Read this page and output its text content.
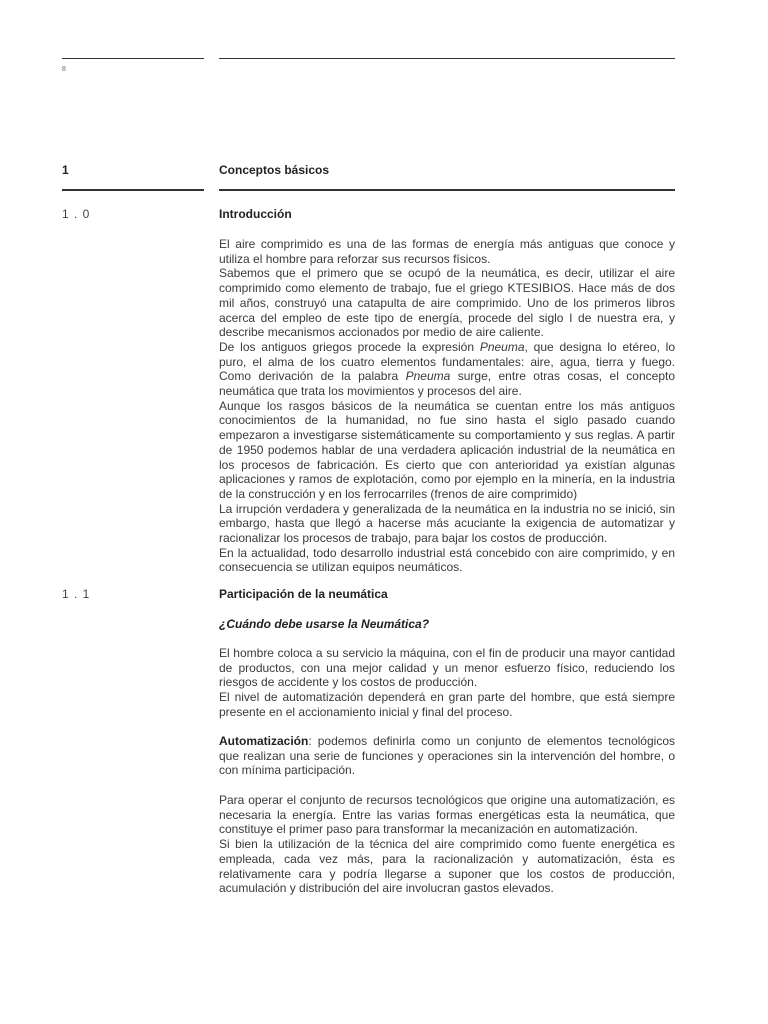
8
1	Conceptos básicos
1 . 0	Introducción

El aire comprimido es una de las formas de energía más antiguas que conoce y utiliza el hombre para reforzar sus recursos físicos.

Sabemos que el primero que se ocupó de la neumática, es decir, utilizar el aire comprimido como elemento de trabajo, fue el griego KTESIBIOS. Hace más de dos mil años, construyó una catapulta de aire comprimido. Uno de los primeros libros acerca del empleo de este tipo de energía, procede del siglo I de nuestra era, y describe mecanismos accionados por medio de aire caliente.

De los antiguos griegos procede la expresión Pneuma, que designa lo etéreo, lo puro, el alma de los cuatro elementos fundamentales: aire, agua, tierra y fuego. Como derivación de la palabra Pneuma surge, entre otras cosas, el concepto neumática que trata los movimientos y procesos del aire.

Aunque los rasgos básicos de la neumática se cuentan entre los más antiguos conocimientos de la humanidad, no fue sino hasta el siglo pasado cuando empezaron a investigarse sistemáticamente su comportamiento y sus reglas. A partir de 1950 podemos hablar de una verdadera aplicación industrial de la neumática en los procesos de fabricación. Es cierto que con anterioridad ya existían algunas aplicaciones y ramos de explotación, como por ejemplo en la minería, en la industria de la construcción y en los ferrocarriles (frenos de aire comprimido)

La irrupción verdadera y generalizada de la neumática en la industria no se inició, sin embargo, hasta que llegó a hacerse más acuciante la exigencia de automatizar y racionalizar los procesos de trabajo, para bajar los costos de producción.

En la actualidad, todo desarrollo industrial está concebido con aire comprimido, y en consecuencia se utilizan equipos neumáticos.

1 . 1	Participación de la neumática
¿Cuándo debe usarse la Neumática?

El hombre coloca a su servicio la máquina, con el fin de producir una mayor cantidad de productos, con una mejor calidad y un menor esfuerzo físico, reduciendo los riesgos de accidente y los costos de producción.

El nivel de automatización dependerá en gran parte del hombre, que está siempre presente en el accionamiento inicial y final del proceso.

Automatización: podemos definirla como un conjunto de elementos tecnológicos que realizan una serie de funciones y operaciones sin la intervención del hombre, o con mínima participación.

Para operar el conjunto de recursos tecnológicos que origine una automatización, es necesaria la energía. Entre las varias formas energéticas esta la neumática, que constituye el primer paso para transformar la mecanización en automatización.

Si bien la utilización de la técnica del aire comprimido como fuente energética es empleada, cada vez más, para la racionalización y automatización, ésta es relativamente cara y podría llegarse a suponer que los costos de producción, acumulación y distribución del aire involucran gastos elevados.
